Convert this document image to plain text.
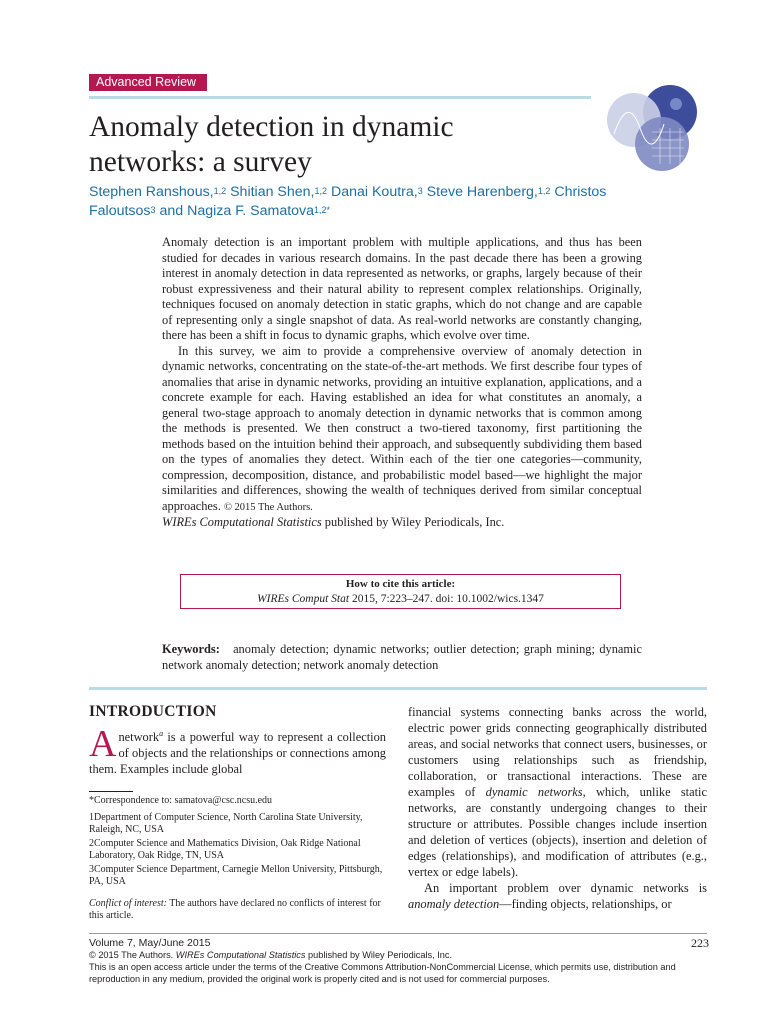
Advanced Review
Anomaly detection in dynamic
networks: a survey
Stephen Ranshous,$^{1,2}$ Shitian Shen,$^{1,2}$ Danai Koutra,$^3$ Steve Harenberg,$^{1,2}$ Christos Faloutsos$^3$ and Nagiza F. Samatova$^{1,2*}$

Anomaly detection is an important problem with multiple applications, and thus has been studied for decades in various research domains. In the past decade there has been a growing interest in anomaly detection in data represented as networks, or graphs, largely because of their robust expressiveness and their natural ability to represent complex relationships. Originally, techniques focused on anomaly detection in static graphs, which do not change and are capable of representing only a single snapshot of data. As real-world networks are constantly changing, there has been a shift in focus to dynamic graphs, which evolve over time.

In this survey, we aim to provide a comprehensive overview of anomaly detection in dynamic networks, concentrating on the state-of-the-art methods. We first describe four types of anomalies that arise in dynamic networks, providing an intuitive explanation, applications, and a concrete example for each. Having established an idea for what constitutes an anomaly, a general two-stage approach to anomaly detection in dynamic networks that is common among the methods is presented. We then construct a two-tiered taxonomy, first partitioning the methods based on the intuition behind their approach, and subsequently subdividing them based on the types of anomalies they detect. Within each of the tier one categories—community, compression, decomposition, distance, and probabilistic model based—we highlight the major similarities and differences, showing the wealth of techniques derived from similar conceptual approaches. © 2015 The Authors.
WIREs Computational Statistics published by Wiley Periodicals, Inc.

How to cite this article:
WIREs Comput Stat 2015, 7:223–247. doi: 10.1002/wics.1347
Keywords: anomaly detection; dynamic networks; outlier detection; graph mining; dynamic network anomaly detection; network anomaly detection
INTRODUCTION
Anetwork$^a$ is a powerful way to represent a collection of objects and the relationships or connections among them. Examples include global
*Correspondence to: samatova@csc.ncsu.edu
1Department of Computer Science, North Carolina State University, Raleigh, NC, USA
2Computer Science and Mathematics Division, Oak Ridge National Laboratory, Oak Ridge, TN, USA
3Computer Science Department, Carnegie Mellon University, Pittsburgh, PA, USA
Conflict of interest: The authors have declared no conflicts of interest for this article.

financial systems connecting banks across the world, electric power grids connecting geographically distributed areas, and social networks that connect users, businesses, or customers using relationships such as friendship, collaboration, or transactional interactions. These are examples of dynamic networks, which, unlike static networks, are constantly undergoing changes to their structure or attributes. Possible changes include insertion and deletion of vertices (objects), insertion and deletion of edges (relationships), and modification of attributes (e.g., vertex or edge labels).

An important problem over dynamic networks is anomaly detection—finding objects, relationships, or

Volume 7, May/June 2015	223
© 2015 The Authors. WIREs Computational Statistics published by Wiley Periodicals, Inc.
This is an open access article under the terms of the Creative Commons Attribution-NonCommercial License, which permits use, distribution and reproduction in any medium, provided the original work is properly cited and is not used for commercial purposes.
